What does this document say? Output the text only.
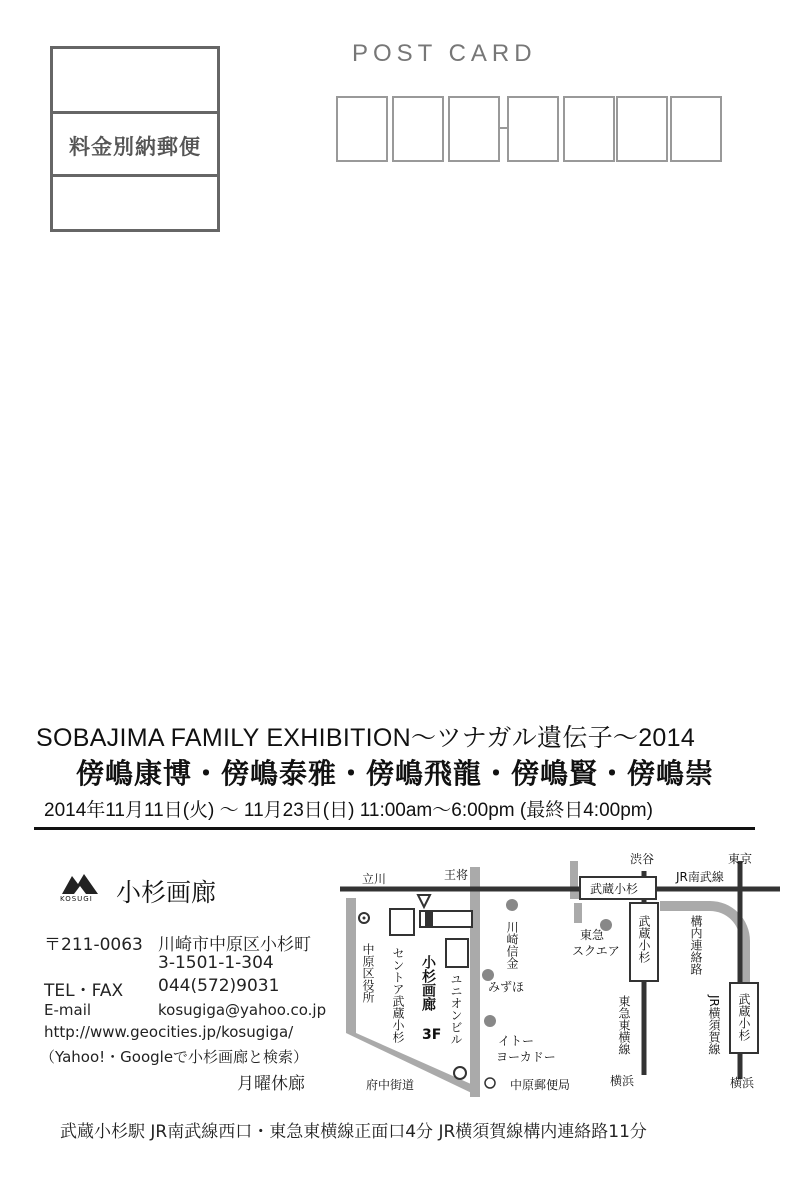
料金別納郵便
POST CARD
SOBAJIMA FAMILY EXHIBITION～ツナガル遺伝子～2014
傍嶋康博・傍嶋泰雅・傍嶋飛龍・傍嶋賢・傍嶋崇
2014年11月11日(火) ～ 11月23日(日) 11:00am～6:00pm (最終日4:00pm)
KOSUGI 小杉画廊
〒211-0063 川崎市中原区小杉町
3-1501-1-304
TEL・FAX 044(572)9031
E-mail	kosugiga@yahoo.co.jp
http://www.geocities.jp/kosugiga/
（Yahoo!・Googleで小杉画廊と検索）
月曜休廊
立川	王将
渋谷	東京
JR南武線
武蔵小杉
東急
スクエア
みずほ
イトー
ヨーカドー
府中街道	中原郵便局	横浜	横浜
3F
中原区役所 セントア武蔵小杉 小杉画廊 ユニオンビル
川崎信金	武蔵小杉
武蔵小杉
東急東横線
構内連絡路
JR横須賀線
武蔵小杉駅 JR南武線西口・東急東横線正面口4分 JR横須賀線構内連絡路11分
